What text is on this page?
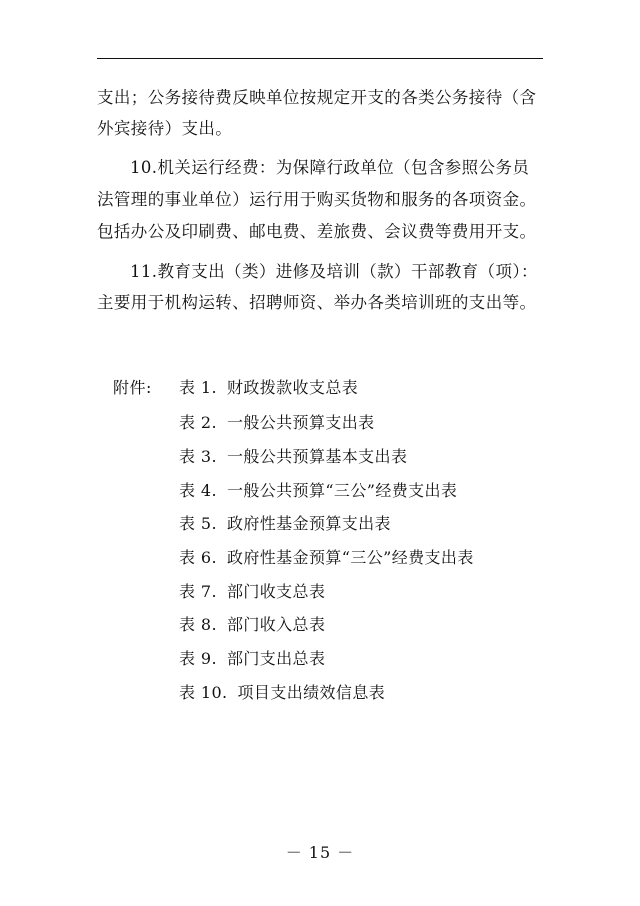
支出；公务接待费反映单位按规定开支的各类公务接待（含
外宾接待）支出。
10.机关运行经费：为保障行政单位（包含参照公务员
法管理的事业单位）运行用于购买货物和服务的各项资金。
包括办公及印刷费、邮电费、差旅费、会议费等费用开支。
11.教育支出（类）进修及培训（款）干部教育（项）：
主要用于机构运转、招聘师资、举办各类培训班的支出等。
附件: 表 1. 财政拨款收支总表
表 2. 一般公共预算支出表
表 3. 一般公共预算基本支出表
表 4. 一般公共预算“三公”经费支出表
表 5. 政府性基金预算支出表
表 6. 政府性基金预算“三公”经费支出表
表 7. 部门收支总表
表 8. 部门收入总表
表 9. 部门支出总表
表 10. 项目支出绩效信息表
－ 15 －
